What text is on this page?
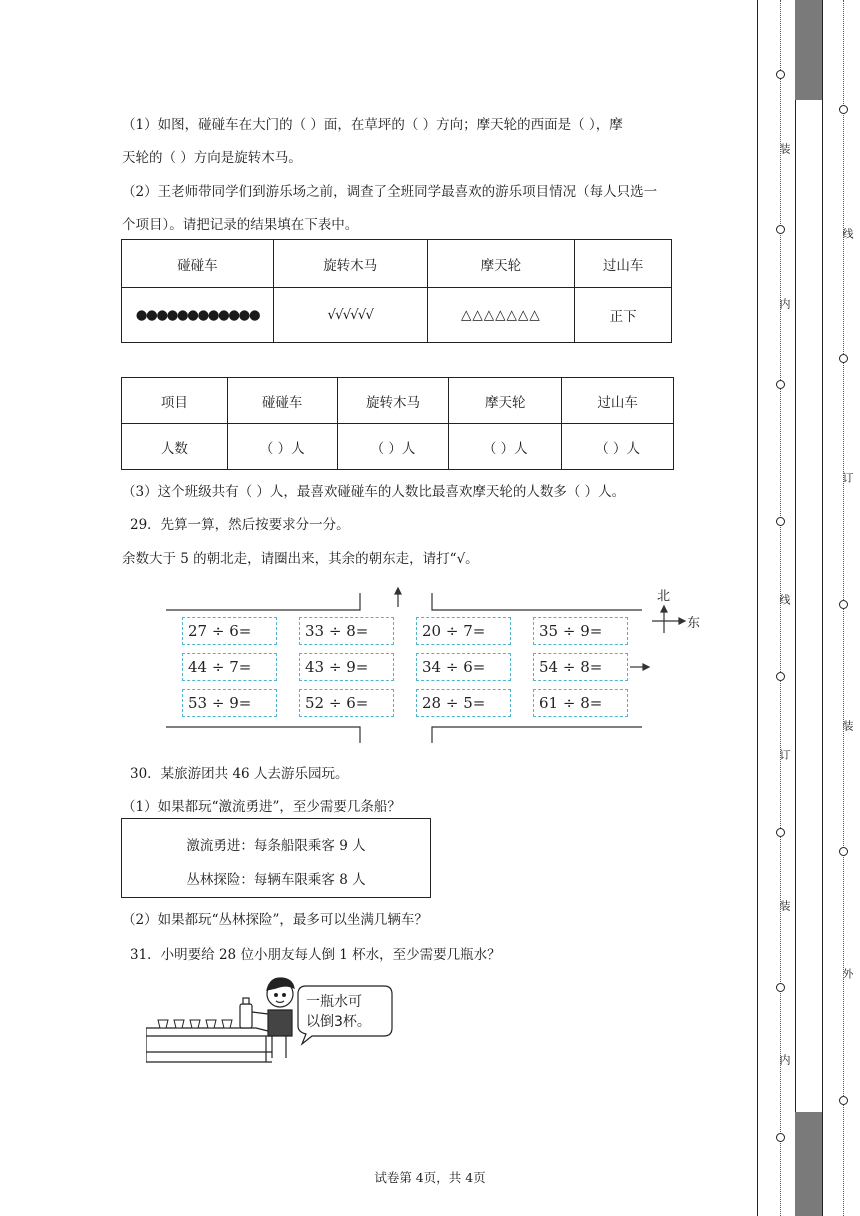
（1）如图，碰碰车在大门的（ ）面，在草坪的（ ）方向；摩天轮的西面是（ ），摩
天轮的（ ）方向是旋转木马。
（2）王老师带同学们到游乐场之前，调查了全班同学最喜欢的游乐项目情况（每人只选一
个项目）。请把记录的结果填在下表中。
碰碰车	旋转木马	摩天轮	过山车
●●●●●●●●●●●●	√√√√√√	△△△△△△△	正下
项目	碰碰车	旋转木马	摩天轮	过山车
人数	（ ）人	（ ）人	（ ）人	（ ）人
（3）这个班级共有（ ）人，最喜欢碰碰车的人数比最喜欢摩天轮的人数多（ ）人。
29．先算一算，然后按要求分一分。
余数大于 5 的朝北走，请圈出来，其余的朝东走，请打“√。
北
东
27 ÷ 6=	33 ÷ 8=	20 ÷ 7=	35 ÷ 9=
44 ÷ 7=	43 ÷ 9=	34 ÷ 6=	54 ÷ 8=
53 ÷ 9=	52 ÷ 6=	28 ÷ 5=	61 ÷ 8=
30．某旅游团共 46 人去游乐园玩。
（1）如果都玩“激流勇进”，至少需要几条船？
激流勇进：每条船限乘客 9 人
丛林探险：每辆车限乘客 8 人
（2）如果都玩“丛林探险”，最多可以坐满几辆车？
31．小明要给 28 位小朋友每人倒 1 杯水，至少需要几瓶水？
一瓶水可
以倒3杯。
试卷第 4页，共 4页
装
内
订
线
装
内
线
订
装
外
